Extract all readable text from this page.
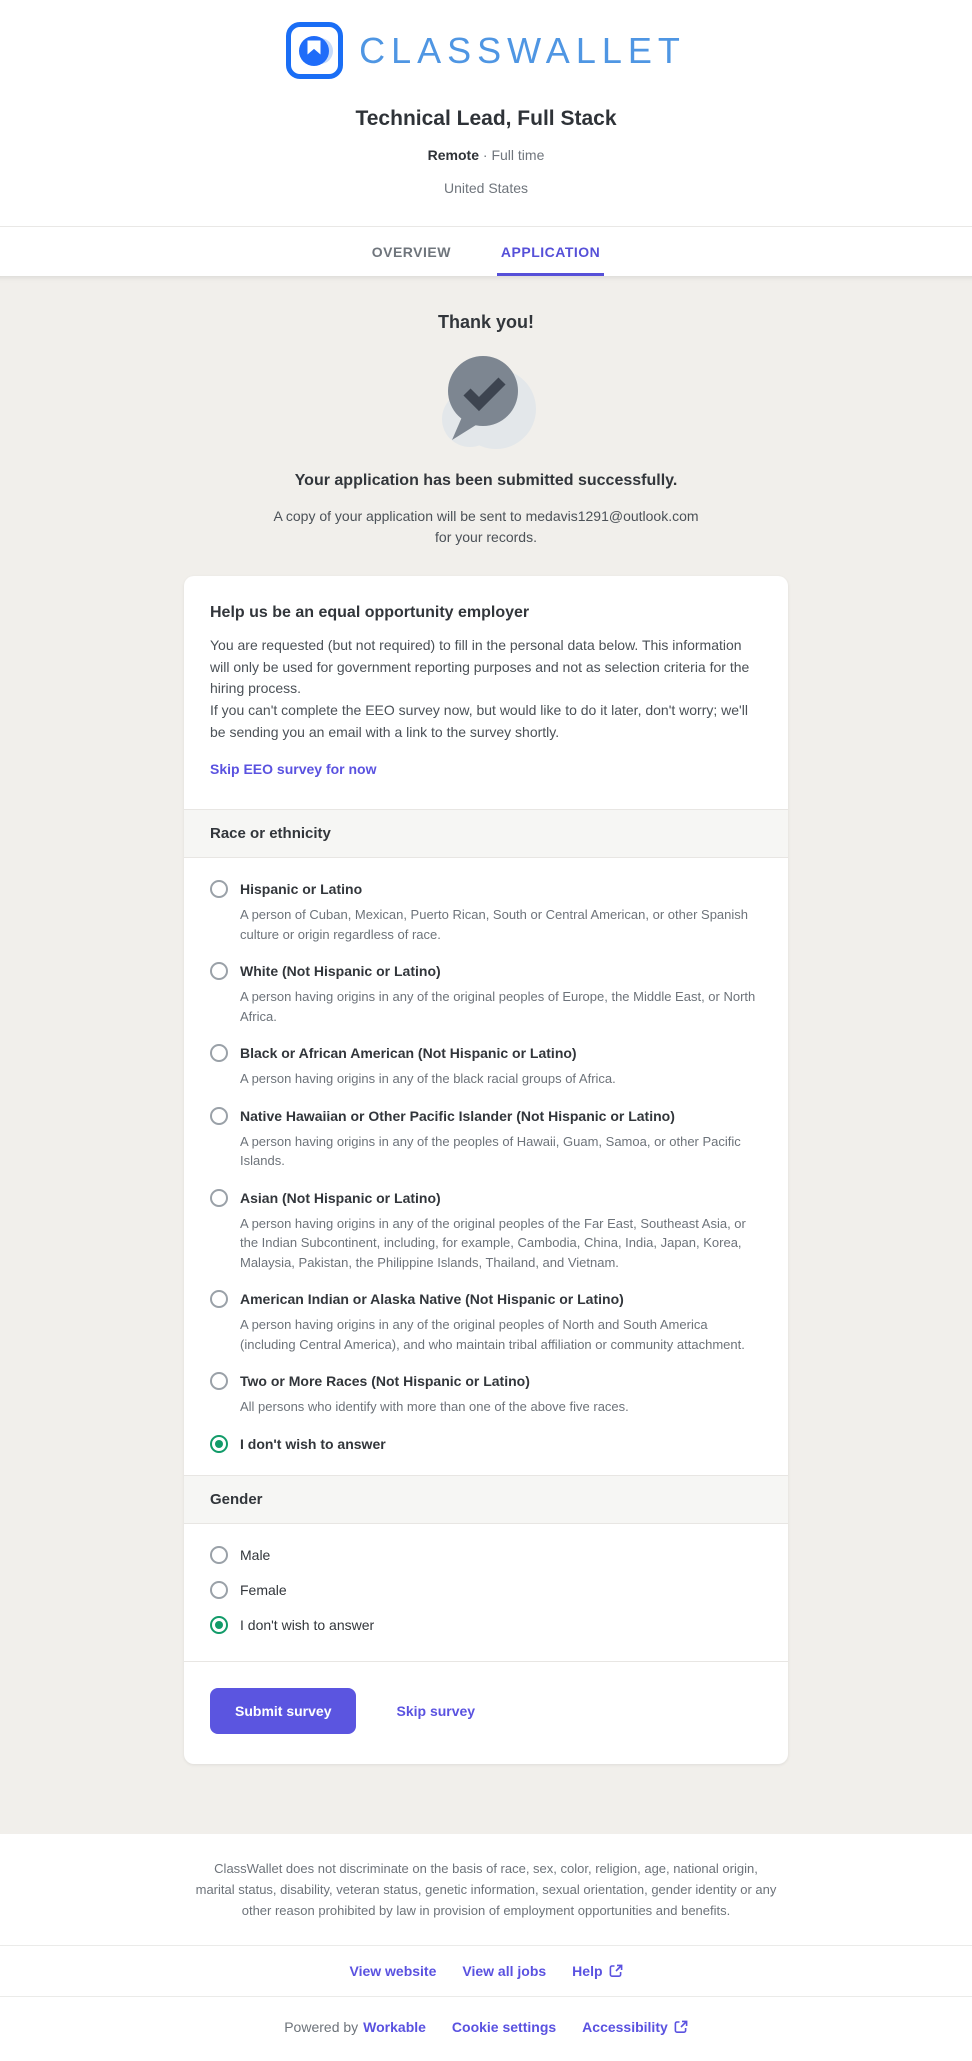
CLASSWALLET
Technical Lead, Full Stack
Remote · Full time
United States
OVERVIEW	APPLICATION
Thank you!
Your application has been submitted successfully.
A copy of your application will be sent to medavis1291@outlook.com
for your records.
Help us be an equal opportunity employer
You are requested (but not required) to fill in the personal data below. This information will only be used for government reporting purposes and not as selection criteria for the hiring process.
If you can't complete the EEO survey now, but would like to do it later, don't worry; we'll be sending you an email with a link to the survey shortly.
Skip EEO survey for now
Race or ethnicity
Hispanic or Latino
A person of Cuban, Mexican, Puerto Rican, South or Central American, or other Spanish culture or origin regardless of race.
White (Not Hispanic or Latino)
A person having origins in any of the original peoples of Europe, the Middle East, or North Africa.
Black or African American (Not Hispanic or Latino)
A person having origins in any of the black racial groups of Africa.
Native Hawaiian or Other Pacific Islander (Not Hispanic or Latino)
A person having origins in any of the peoples of Hawaii, Guam, Samoa, or other Pacific Islands.
Asian (Not Hispanic or Latino)
A person having origins in any of the original peoples of the Far East, Southeast Asia, or the Indian Subcontinent, including, for example, Cambodia, China, India, Japan, Korea, Malaysia, Pakistan, the Philippine Islands, Thailand, and Vietnam.
American Indian or Alaska Native (Not Hispanic or Latino)
A person having origins in any of the original peoples of North and South America (including Central America), and who maintain tribal affiliation or community attachment.
Two or More Races (Not Hispanic or Latino)
All persons who identify with more than one of the above five races.
I don't wish to answer
Gender
Male
Female
I don't wish to answer
Submit survey	Skip survey
ClassWallet does not discriminate on the basis of race, sex, color, religion, age, national origin, marital status, disability, veteran status, genetic information, sexual orientation, gender identity or any other reason prohibited by law in provision of employment opportunities and benefits.
View website View all jobs Help
Powered by Workable Cookie settings Accessibility
